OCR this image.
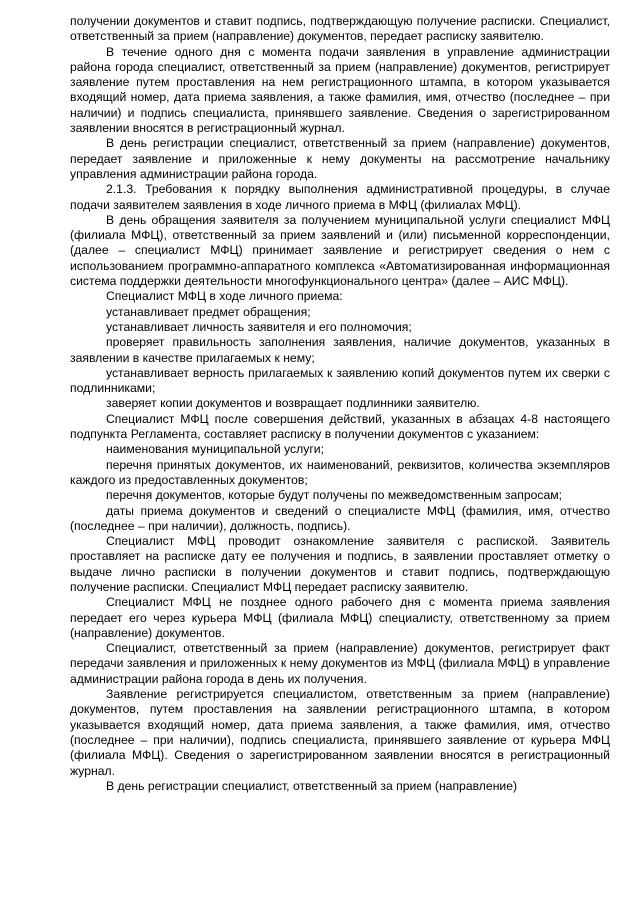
получении документов и ставит подпись, подтверждающую получение расписки. Специалист, ответственный за прием (направление) документов, передает расписку заявителю.

В течение одного дня с момента подачи заявления в управление администрации района города специалист, ответственный за прием (направление) документов, регистрирует заявление путем проставления на нем регистрационного штампа, в котором указывается входящий номер, дата приема заявления, а также фамилия, имя, отчество (последнее – при наличии) и подпись специалиста, принявшего заявление. Сведения о зарегистрированном заявлении вносятся в регистрационный журнал.

В день регистрации специалист, ответственный за прием (направление) документов, передает заявление и приложенные к нему документы на рассмотрение начальнику управления администрации района города.

2.1.3. Требования к порядку выполнения административной процедуры, в случае подачи заявителем заявления в ходе личного приема в МФЦ (филиалах МФЦ).

В день обращения заявителя за получением муниципальной услуги специалист МФЦ (филиала МФЦ), ответственный за прием заявлений и (или) письменной корреспонденции, (далее – специалист МФЦ) принимает заявление и регистрирует сведения о нем с использованием программно-аппаратного комплекса «Автоматизированная информационная система поддержки деятельности многофункционального центра» (далее – АИС МФЦ).

Специалист МФЦ в ходе личного приема:

устанавливает предмет обращения;

устанавливает личность заявителя и его полномочия;

проверяет правильность заполнения заявления, наличие документов, указанных в заявлении в качестве прилагаемых к нему;

устанавливает верность прилагаемых к заявлению копий документов путем их сверки с подлинниками;

заверяет копии документов и возвращает подлинники заявителю.

Специалист МФЦ после совершения действий, указанных в абзацах 4-8 настоящего подпункта Регламента, составляет расписку в получении документов с указанием:

наименования муниципальной услуги;

перечня принятых документов, их наименований, реквизитов, количества экземпляров каждого из предоставленных документов;

перечня документов, которые будут получены по межведомственным запросам;

даты приема документов и сведений о специалисте МФЦ (фамилия, имя, отчество (последнее – при наличии), должность, подпись).

Специалист МФЦ проводит ознакомление заявителя с распиской. Заявитель проставляет на расписке дату ее получения и подпись, в заявлении проставляет отметку о выдаче лично расписки в получении документов и ставит подпись, подтверждающую получение расписки. Специалист МФЦ передает расписку заявителю.

Специалист МФЦ не позднее одного рабочего дня с момента приема заявления передает его через курьера МФЦ (филиала МФЦ) специалисту, ответственному за прием (направление) документов.

Специалист, ответственный за прием (направление) документов, регистрирует факт передачи заявления и приложенных к нему документов из МФЦ (филиала МФЦ) в управление администрации района города в день их получения.

Заявление регистрируется специалистом, ответственным за прием (направление) документов, путем проставления на заявлении регистрационного штампа, в котором указывается входящий номер, дата приема заявления, а также фамилия, имя, отчество (последнее – при наличии), подпись специалиста, принявшего заявление от курьера МФЦ (филиала МФЦ). Сведения о зарегистрированном заявлении вносятся в регистрационный журнал.

В день регистрации специалист, ответственный за прием (направление)
